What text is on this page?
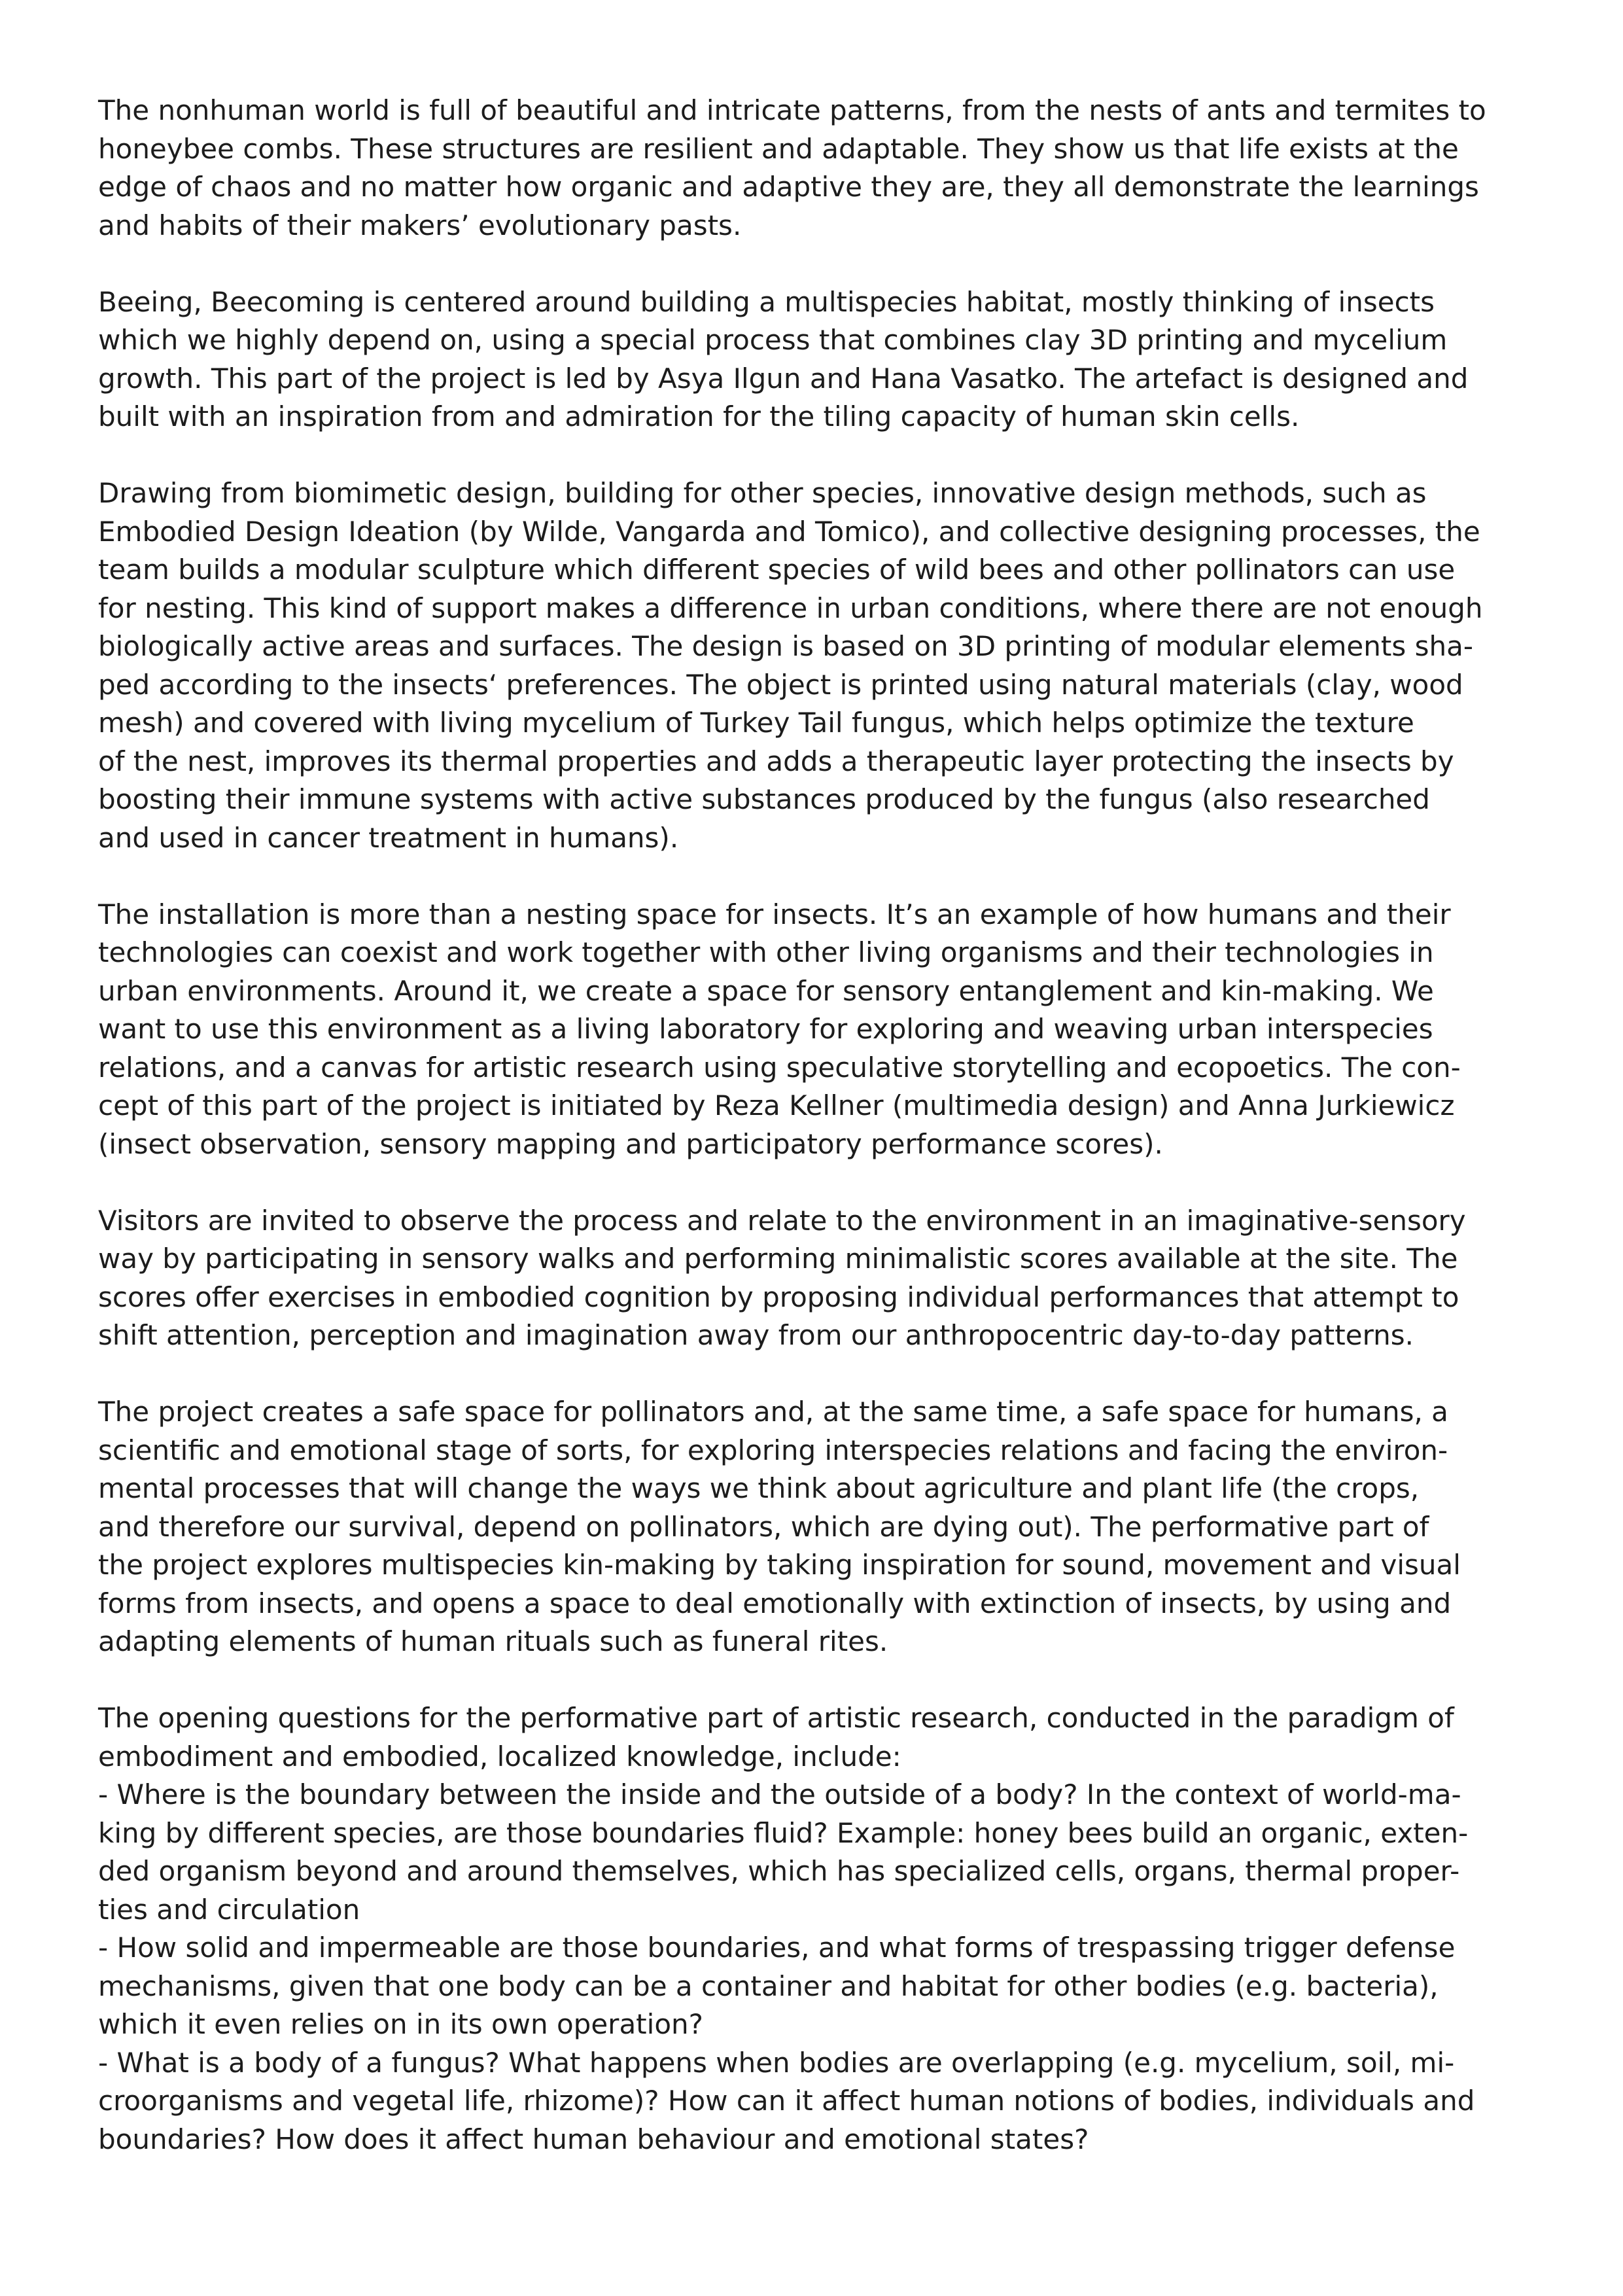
The nonhuman world is full of beautiful and intricate patterns, from the nests of ants and termites to
honeybee combs. These structures are resilient and adaptable. They show us that life exists at the
edge of chaos and no matter how organic and adaptive they are, they all demonstrate the learnings
and habits of their makers’ evolutionary pasts.
Beeing, Beecoming is centered around building a multispecies habitat, mostly thinking of insects
which we highly depend on, using a special process that combines clay 3D printing and mycelium
growth. This part of the project is led by Asya Ilgun and Hana Vasatko. The artefact is designed and
built with an inspiration from and admiration for the tiling capacity of human skin cells.
Drawing from biomimetic design, building for other species, innovative design methods, such as
Embodied Design Ideation (by Wilde, Vangarda and Tomico), and collective designing processes, the
team builds a modular sculpture which different species of wild bees and other pollinators can use
for nesting. This kind of support makes a difference in urban conditions, where there are not enough
biologically active areas and surfaces. The design is based on 3D printing of modular elements sha-
ped according to the insects‘ preferences. The object is printed using natural materials (clay, wood
mesh) and covered with living mycelium of Turkey Tail fungus, which helps optimize the texture
of the nest, improves its thermal properties and adds a therapeutic layer protecting the insects by
boosting their immune systems with active substances produced by the fungus (also researched
and used in cancer treatment in humans).
The installation is more than a nesting space for insects. It’s an example of how humans and their
technologies can coexist and work together with other living organisms and their technologies in
urban environments. Around it, we create a space for sensory entanglement and kin-making. We
want to use this environment as a living laboratory for exploring and weaving urban interspecies
relations, and a canvas for artistic research using speculative storytelling and ecopoetics. The con-
cept of this part of the project is initiated by Reza Kellner (multimedia design) and Anna Jurkiewicz
(insect observation, sensory mapping and participatory performance scores).
Visitors are invited to observe the process and relate to the environment in an imaginative-sensory
way by participating in sensory walks and performing minimalistic scores available at the site. The
scores offer exercises in embodied cognition by proposing individual performances that attempt to
shift attention, perception and imagination away from our anthropocentric day-to-day patterns.
The project creates a safe space for pollinators and, at the same time, a safe space for humans, a
scientific and emotional stage of sorts, for exploring interspecies relations and facing the environ-
mental processes that will change the ways we think about agriculture and plant life (the crops,
and therefore our survival, depend on pollinators, which are dying out). The performative part of
the project explores multispecies kin-making by taking inspiration for sound, movement and visual
forms from insects, and opens a space to deal emotionally with extinction of insects, by using and
adapting elements of human rituals such as funeral rites.
The opening questions for the performative part of artistic research, conducted in the paradigm of
embodiment and embodied, localized knowledge, include:
- Where is the boundary between the inside and the outside of a body? In the context of world-ma-
king by different species, are those boundaries fluid? Example: honey bees build an organic, exten-
ded organism beyond and around themselves, which has specialized cells, organs, thermal proper-
ties and circulation
- How solid and impermeable are those boundaries, and what forms of trespassing trigger defense
mechanisms, given that one body can be a container and habitat for other bodies (e.g. bacteria),
which it even relies on in its own operation?
- What is a body of a fungus? What happens when bodies are overlapping (e.g. mycelium, soil, mi-
croorganisms and vegetal life, rhizome)? How can it affect human notions of bodies, individuals and
boundaries? How does it affect human behaviour and emotional states?
